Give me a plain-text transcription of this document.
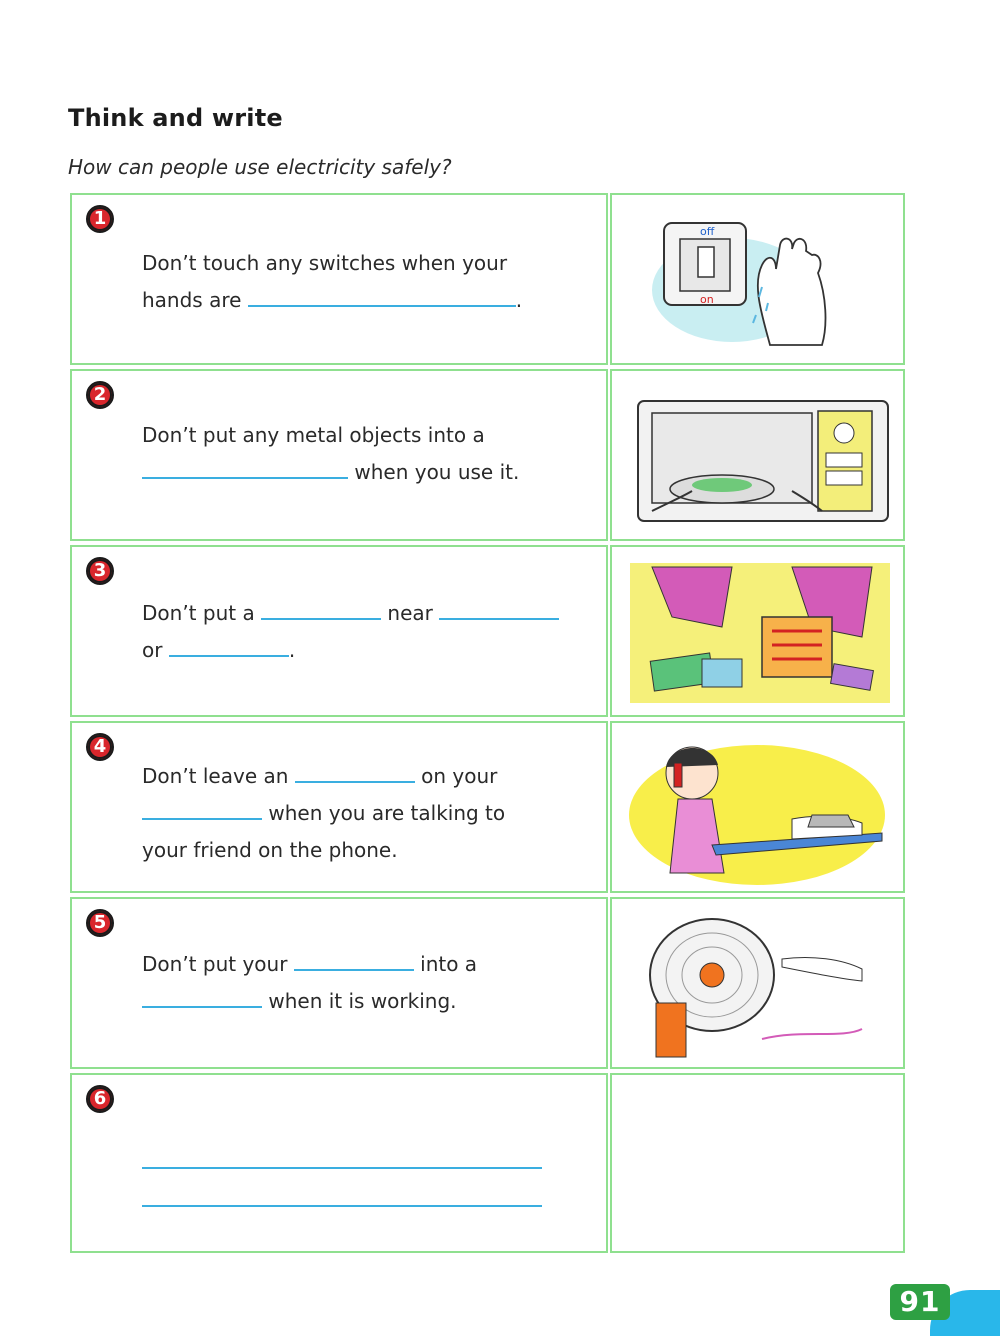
Think and write
How can people use electricity safely?
1
Don’t touch any switches when your
hands are	.
off
on
2
Don’t put any metal objects into a
when you use it.
3
Don’t put a	near
or	.
4
Don’t leave an	on your
when you are talking to
your friend on the phone.
5
Don’t put your	into a
when it is working.
6
91
